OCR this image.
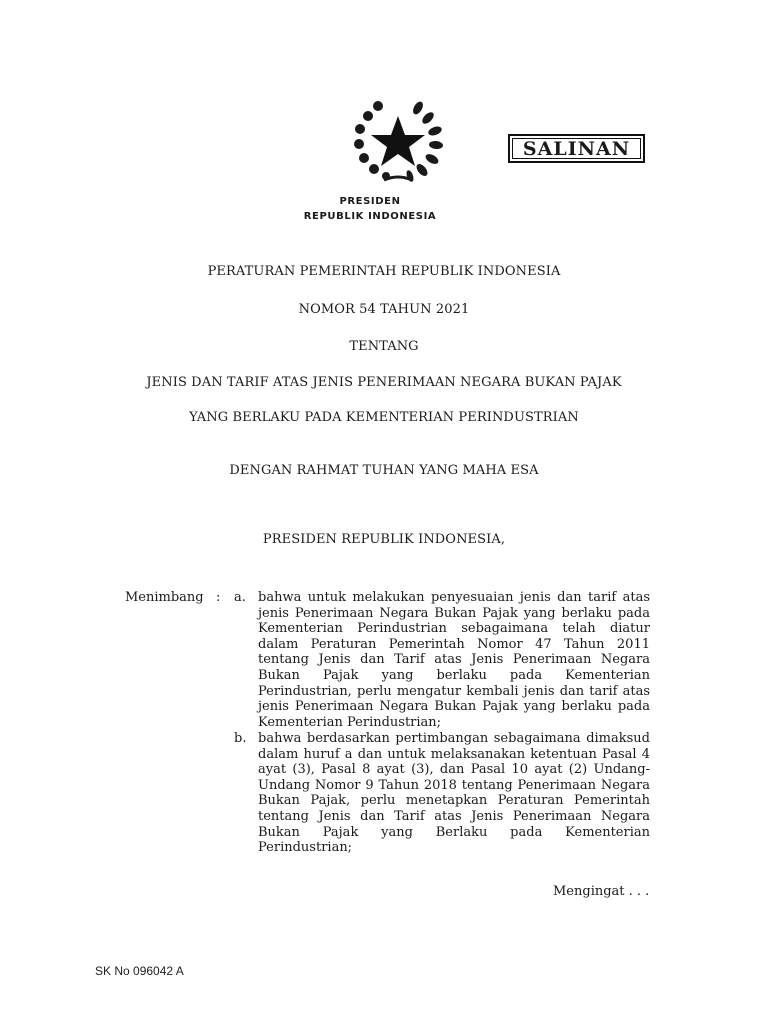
SALINAN
PRESIDEN
REPUBLIK INDONESIA
PERATURAN PEMERINTAH REPUBLIK INDONESIA
NOMOR 54 TAHUN 2021
TENTANG
JENIS DAN TARIF ATAS JENIS PENERIMAAN NEGARA BUKAN PAJAK
YANG BERLAKU PADA KEMENTERIAN PERINDUSTRIAN
DENGAN RAHMAT TUHAN YANG MAHA ESA
PRESIDEN REPUBLIK INDONESIA,
Menimbang : a. bahwa untuk melakukan penyesuaian jenis dan tarif atas jenis Penerimaan Negara Bukan Pajak yang berlaku pada Kementerian Perindustrian sebagaimana telah diatur dalam Peraturan Pemerintah Nomor 47 Tahun 2011 tentang Jenis dan Tarif atas Jenis Penerimaan Negara Bukan Pajak yang berlaku pada Kementerian Perindustrian, perlu mengatur kembali jenis dan tarif atas jenis Penerimaan Negara Bukan Pajak yang berlaku pada Kementerian Perindustrian;
b. bahwa berdasarkan pertimbangan sebagaimana dimaksud dalam huruf a dan untuk melaksanakan ketentuan Pasal 4 ayat (3), Pasal 8 ayat (3), dan Pasal 10 ayat (2) Undang-Undang Nomor 9 Tahun 2018 tentang Penerimaan Negara Bukan Pajak, perlu menetapkan Peraturan Pemerintah tentang Jenis dan Tarif atas Jenis Penerimaan Negara Bukan Pajak yang Berlaku pada Kementerian Perindustrian;
Mengingat . . .
SK No 096042 A
